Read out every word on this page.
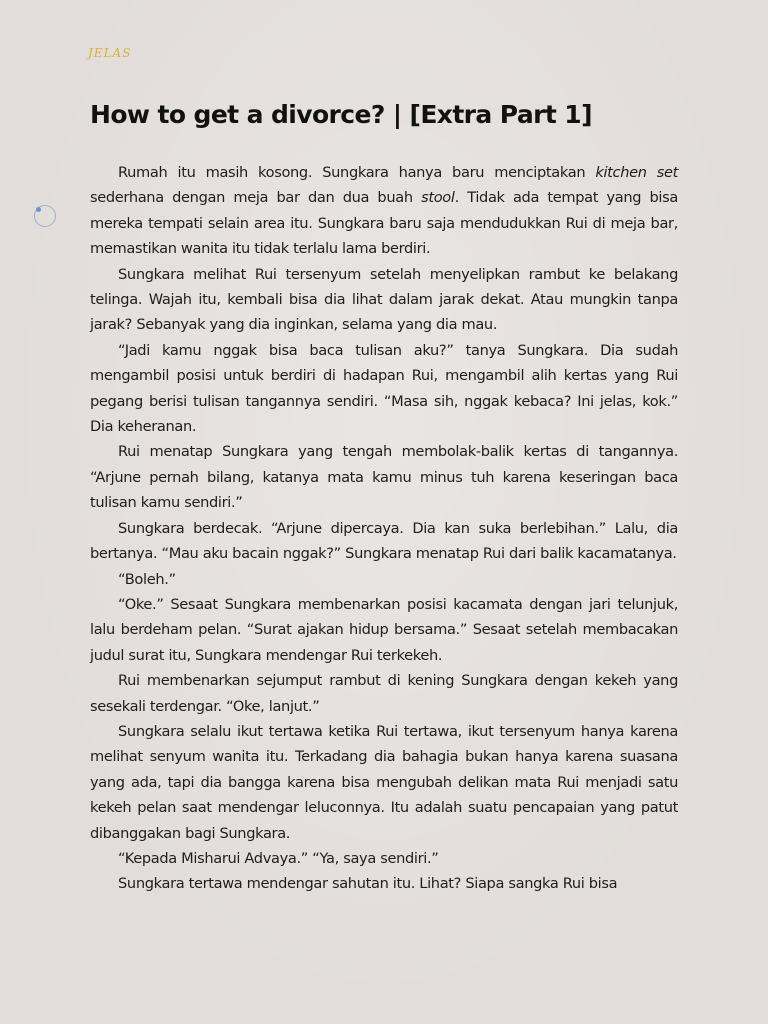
JELAS
How to get a divorce? | [Extra Part 1]

Rumah itu masih kosong. Sungkara hanya baru menciptakan kitchen set sederhana dengan meja bar dan dua buah stool. Tidak ada tempat yang bisa mereka tempati selain area itu. Sungkara baru saja mendudukkan Rui di meja bar, memastikan wanita itu tidak terlalu lama berdiri.

Sungkara melihat Rui tersenyum setelah menyelipkan rambut ke belakang telinga. Wajah itu, kembali bisa dia lihat dalam jarak dekat. Atau mungkin tanpa jarak? Sebanyak yang dia inginkan, selama yang dia mau.

“Jadi kamu nggak bisa baca tulisan aku?” tanya Sungkara. Dia sudah mengambil posisi untuk berdiri di hadapan Rui, mengambil alih kertas yang Rui pegang berisi tulisan tangannya sendiri. “Masa sih, nggak kebaca? Ini jelas, kok.” Dia keheranan.

Rui menatap Sungkara yang tengah membolak-balik kertas di tangannya. “Arjune pernah bilang, katanya mata kamu minus tuh karena keseringan baca tulisan kamu sendiri.”

Sungkara berdecak. “Arjune dipercaya. Dia kan suka berlebihan.” Lalu, dia bertanya. “Mau aku bacain nggak?” Sungkara menatap Rui dari balik kacamatanya.

“Boleh.”

“Oke.” Sesaat Sungkara membenarkan posisi kacamata dengan jari telunjuk, lalu berdeham pelan. “Surat ajakan hidup bersama.” Sesaat setelah membacakan judul surat itu, Sungkara mendengar Rui terkekeh.

Rui membenarkan sejumput rambut di kening Sungkara dengan kekeh yang sesekali terdengar. “Oke, lanjut.”

Sungkara selalu ikut tertawa ketika Rui tertawa, ikut tersenyum hanya karena melihat senyum wanita itu. Terkadang dia bahagia bukan hanya karena suasana yang ada, tapi dia bangga karena bisa mengubah delikan mata Rui menjadi satu kekeh pelan saat mendengar leluconnya. Itu adalah suatu pencapaian yang patut dibanggakan bagi Sungkara.

“Kepada Misharui Advaya.” “Ya, saya sendiri.”

Sungkara tertawa mendengar sahutan itu. Lihat? Siapa sangka Rui bisa
